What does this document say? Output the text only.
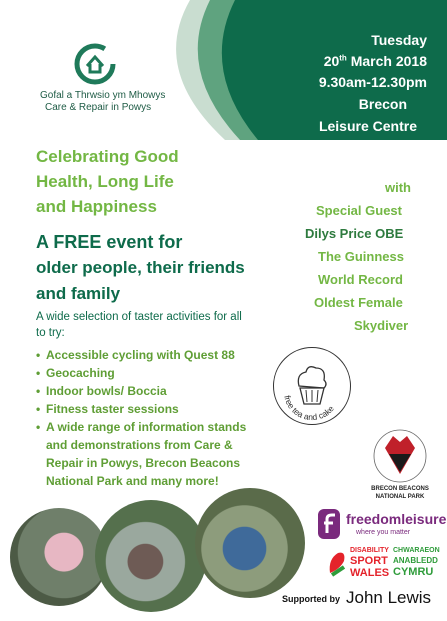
Gofal a Thrwsio ym Mhowys
Care & Repair in Powys
Tuesday
20th March 2018
9.30am-12.30pm
Brecon
Leisure Centre
Celebrating Good
Health, Long Life
and Happiness
A FREE event for
older people, their friends
and family
A wide selection of taster activities for all
to try:
• Accessible cycling with Quest 88
• Geocaching
• Indoor bowls/ Boccia
• Fitness taster sessions
• A wide range of information stands
and demonstrations from Care &
Repair in Powys, Brecon Beacons
National Park and many more!
with
Special Guest
Dilys Price OBE
The Guinness
World Record
Oldest Female
Skydiver
free tea and cake
BRECON BEACONS
NATIONAL PARK
freedomleisure
where you matter
DISABILITY
SPORT
WALES
CHWARAEON
ANABLEDD
CYMRU
Supported by John Lewis
